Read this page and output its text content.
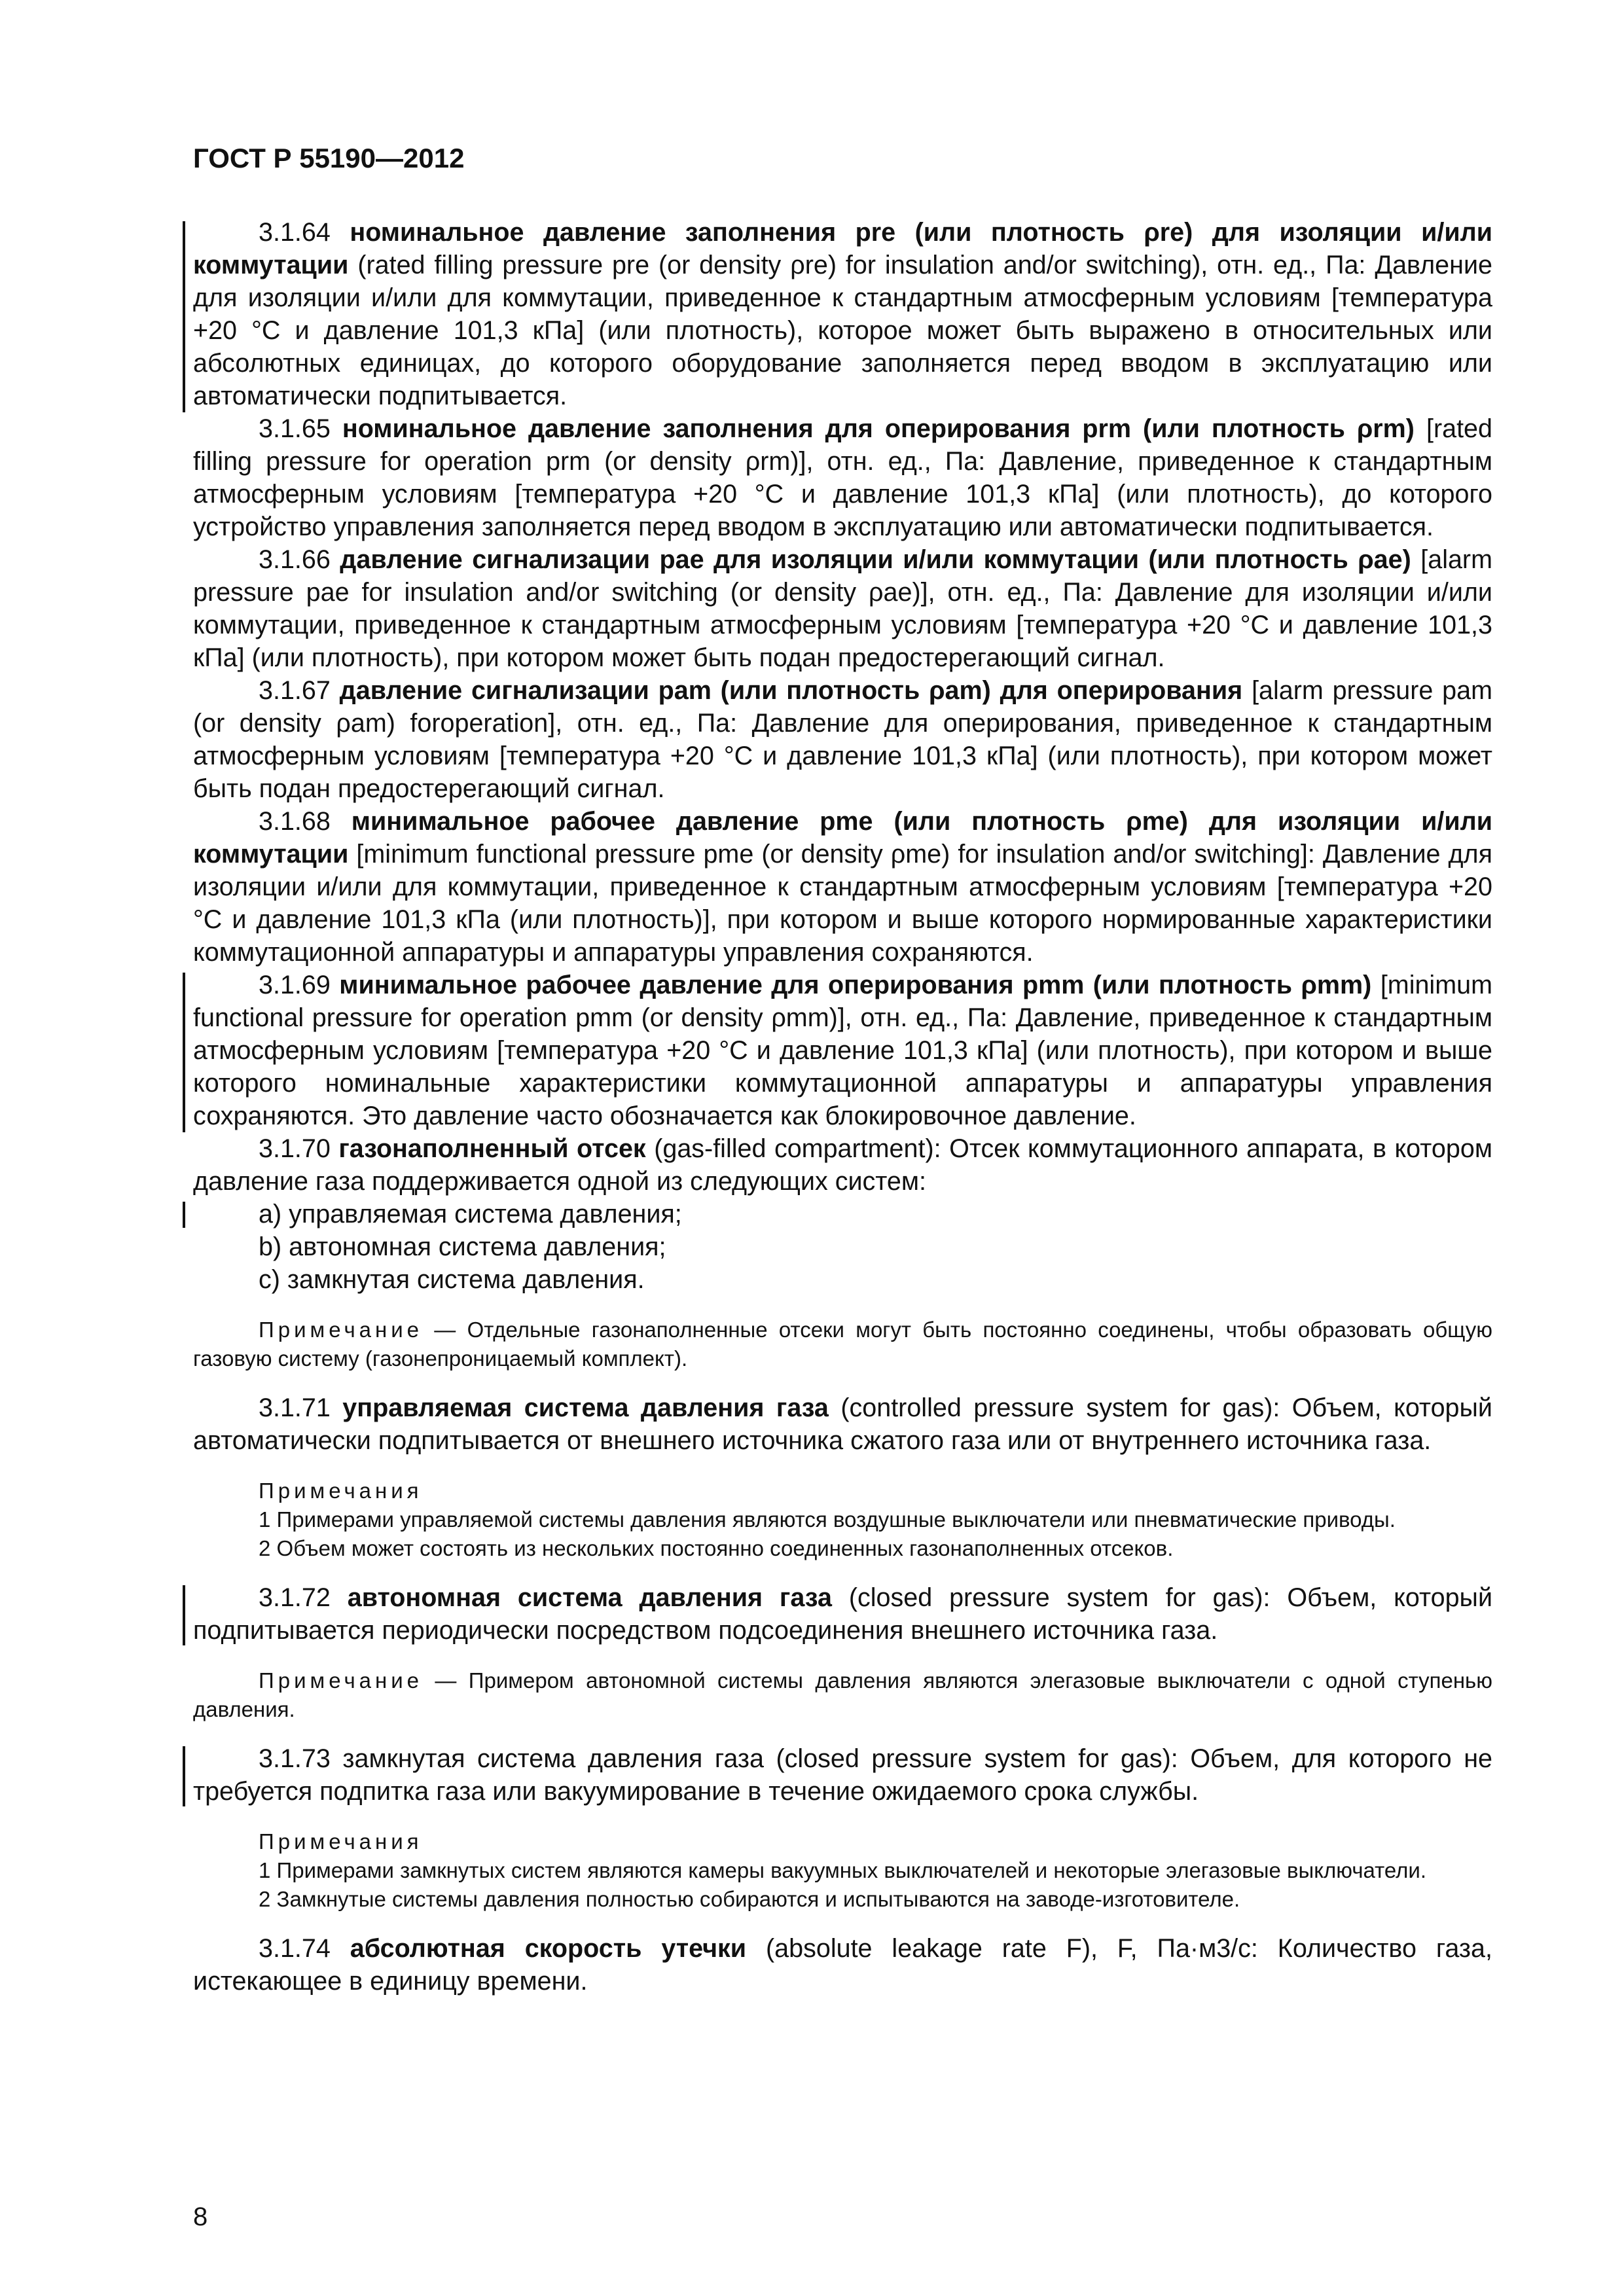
ГОСТ Р 55190—2012

3.1.64 номинальное давление заполнения pre (или плотность ρre) для изоляции и/или коммутации (rated filling pressure pre (or density ρre) for insulation and/or switching), отн. ед., Па: Давление для изоляции и/или для коммутации, приведенное к стандартным атмосферным условиям [температура +20 °С и давление 101,3 кПа] (или плотность), которое может быть выражено в относительных или абсолютных единицах, до которого оборудование заполняется перед вводом в эксплуатацию или автоматически подпитывается.

3.1.65 номинальное давление заполнения для оперирования prm (или плотность ρrm) [rated filling pressure for operation prm (or density ρrm)], отн. ед., Па: Давление, приведенное к стандартным атмосферным условиям [температура +20 °С и давление 101,3 кПа] (или плотность), до которого устройство управления заполняется перед вводом в эксплуатацию или автоматически подпитывается.

3.1.66 давление сигнализации pae для изоляции и/или коммутации (или плотность ρae) [alarm pressure pae for insulation and/or switching (or density ρae)], отн. ед., Па: Давление для изоляции и/или коммутации, приведенное к стандартным атмосферным условиям [температура +20 °С и давление 101,3 кПа] (или плотность), при котором может быть подан предостерегающий сигнал.

3.1.67 давление сигнализации pam (или плотность ρam) для оперирования [alarm pressure pam (or density ρam) foroperation], отн. ед., Па: Давление для оперирования, приведенное к стандартным атмосферным условиям [температура +20 °С и давление 101,3 кПа] (или плотность), при котором может быть подан предостерегающий сигнал.

3.1.68 минимальное рабочее давление pme (или плотность ρme) для изоляции и/или коммутации [minimum functional pressure pme (or density ρme) for insulation and/or switching]: Давление для изоляции и/или для коммутации, приведенное к стандартным атмосферным условиям [температура +20 °С и давление 101,3 кПа (или плотность)], при котором и выше которого нормированные характеристики коммутационной аппаратуры и аппаратуры управления сохраняются.

3.1.69 минимальное рабочее давление для оперирования pmm (или плотность ρmm) [minimum functional pressure for operation pmm (or density ρmm)], отн. ед., Па: Давление, приведенное к стандартным атмосферным условиям [температура +20 °С и давление 101,3 кПа] (или плотность), при котором и выше которого номинальные характеристики коммутационной аппаратуры и аппаратуры управления сохраняются. Это давление часто обозначается как блокировочное давление.

3.1.70 газонаполненный отсек (gas-filled compartment): Отсек коммутационного аппарата, в котором давление газа поддерживается одной из следующих систем:

a) управляемая система давления;

b) автономная система давления;

c) замкнутая система давления.

Примечание — Отдельные газонаполненные отсеки могут быть постоянно соединены, чтобы образовать общую газовую систему (газонепроницаемый комплект).

3.1.71 управляемая система давления газа (controlled pressure system for gas): Объем, который автоматически подпитывается от внешнего источника сжатого газа или от внутреннего источника газа.

Примечания

1 Примерами управляемой системы давления являются воздушные выключатели или пневматические приводы.

2 Объем может состоять из нескольких постоянно соединенных газонаполненных отсеков.

3.1.72 автономная система давления газа (closed pressure system for gas): Объем, который подпитывается периодически посредством подсоединения внешнего источника газа.

Примечание — Примером автономной системы давления являются элегазовые выключатели с одной ступенью давления.

3.1.73 замкнутая система давления газа (closed pressure system for gas): Объем, для которого не требуется подпитка газа или вакуумирование в течение ожидаемого срока службы.

Примечания

1 Примерами замкнутых систем являются камеры вакуумных выключателей и некоторые элегазовые выключатели.

2 Замкнутые системы давления полностью собираются и испытываются на заводе-изготовителе.

3.1.74 абсолютная скорость утечки (absolute leakage rate F), F, Па·м3/с: Количество газа, истекающее в единицу времени.

8
